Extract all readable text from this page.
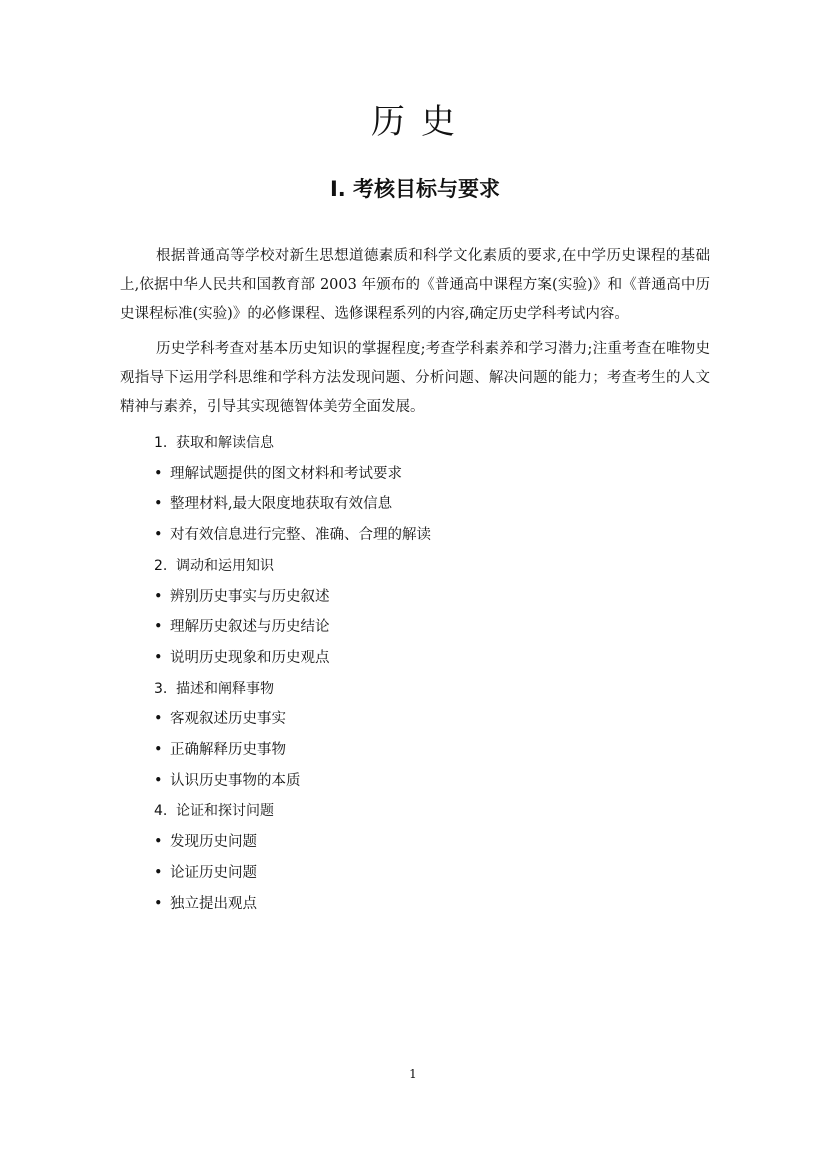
历史
Ⅰ. 考核目标与要求

根据普通高等学校对新生思想道德素质和科学文化素质的要求,在中学历史课程的基础上,依据中华人民共和国教育部 2003 年颁布的《普通高中课程方案(实验)》和《普通高中历史课程标准(实验)》的必修课程、选修课程系列的内容,确定历史学科考试内容。

历史学科考查对基本历史知识的掌握程度;考查学科素养和学习潜力;注重考查在唯物史观指导下运用学科思维和学科方法发现问题、分析问题、解决问题的能力；考查考生的人文精神与素养，引导其实现德智体美劳全面发展。

1. 获取和解读信息
• 理解试题提供的图文材料和考试要求
• 整理材料,最大限度地获取有效信息
• 对有效信息进行完整、准确、合理的解读
2. 调动和运用知识
• 辨别历史事实与历史叙述
• 理解历史叙述与历史结论
• 说明历史现象和历史观点
3. 描述和阐释事物
• 客观叙述历史事实
• 正确解释历史事物
• 认识历史事物的本质
4. 论证和探讨问题
• 发现历史问题
• 论证历史问题
• 独立提出观点
1
